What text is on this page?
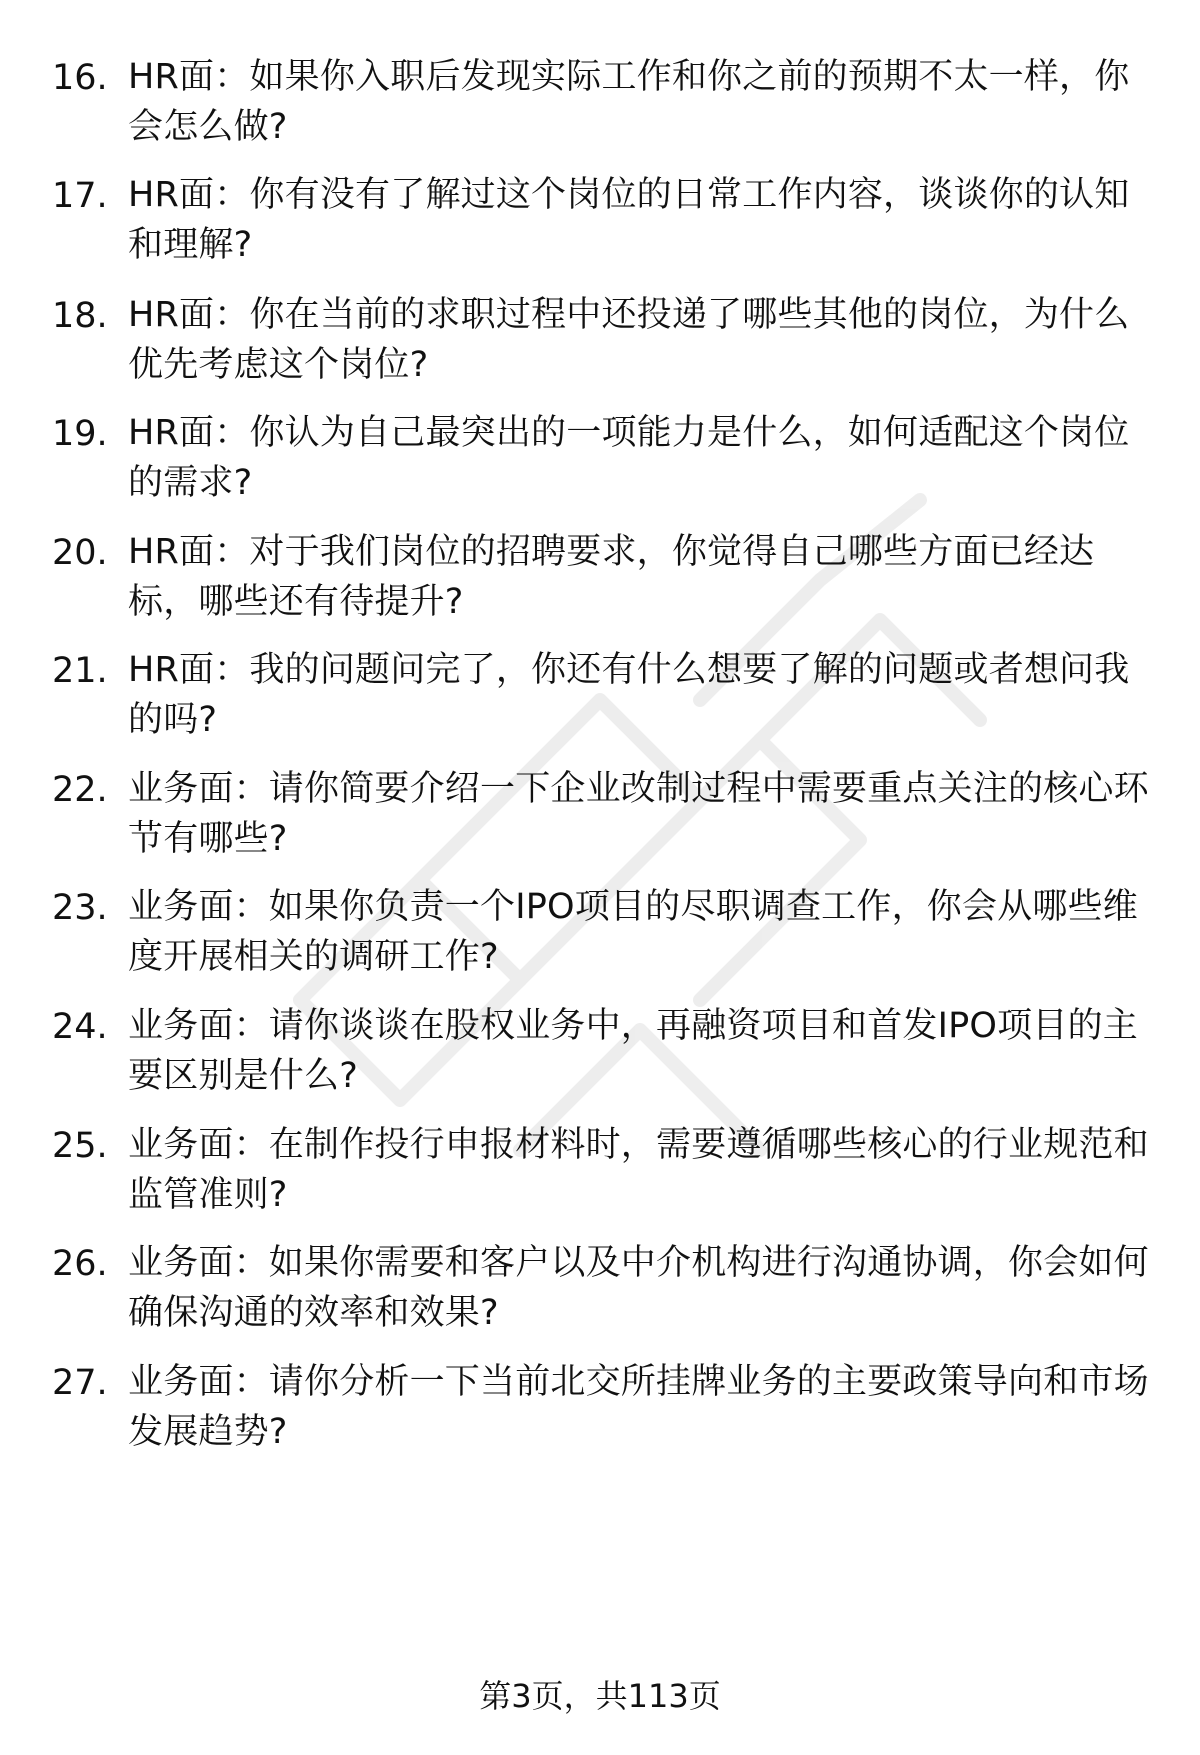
16. HR面：如果你入职后发现实际工作和你之前的预期不太一样，你会怎么做?
17. HR面：你有没有了解过这个岗位的日常工作内容，谈谈你的认知和理解?
18. HR面：你在当前的求职过程中还投递了哪些其他的岗位，为什么优先考虑这个岗位?
19. HR面：你认为自己最突出的一项能力是什么，如何适配这个岗位的需求?
20. HR面：对于我们岗位的招聘要求，你觉得自己哪些方面已经达标，哪些还有待提升?
21. HR面：我的问题问完了，你还有什么想要了解的问题或者想问我的吗?
22. 业务面：请你简要介绍一下企业改制过程中需要重点关注的核心环节有哪些?
23. 业务面：如果你负责一个IPO项目的尽职调查工作，你会从哪些维度开展相关的调研工作?
24. 业务面：请你谈谈在股权业务中，再融资项目和首发IPO项目的主要区别是什么?
25. 业务面：在制作投行申报材料时，需要遵循哪些核心的行业规范和监管准则?
26. 业务面：如果你需要和客户以及中介机构进行沟通协调，你会如何确保沟通的效率和效果?
27. 业务面：请你分析一下当前北交所挂牌业务的主要政策导向和市场发展趋势?
第3页，共113页
